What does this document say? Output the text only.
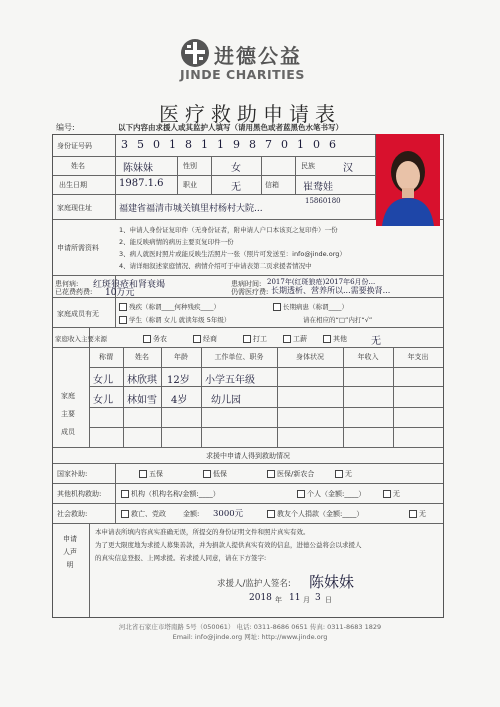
进德公益
JINDE CHARITIES
医疗救助申请表
编号:	以下内容由求援人或其监护人填写（请用黑色或者蓝黑色水笔书写）
身份证号码	3 5 0 1 8 1 1 9 8 7 0 1 0 6
姓名	陈妹妹	性别	女	民族	汉
出生日期	1987.1.6	职业	无	信箱 崔鸯娃
家庭现住址	福建省福清市城关镇里村杨村大院...
15860180
申请所需资料
1、申请人身份证复印件（无身份证者，附申请人户口本该页之复印件）一份
2、能反映病情的病历主要页复印件一份
3、病人就医时照片或能反映生活照片一张（照片可发送至：info@jinde.org）
4、请详细叙述家庭情况、病情介绍可于申请表第二页求援者情况中
患何病: 红斑狼疮和肾衰竭	患病时间: 2017年(红斑狼疮)2017年6月份...
已花费药费: 10万元	仍需医疗费: 长期透析、营养所以...需要换肾...
家庭成员有无
残疾（称谓____何种残疾____）	长期病患（称谓____）
学生（称谓 女儿 就读年级 5年级）	请在相应的“□”内打“√”
家庭收入主要来源	务农	经商	打工	工薪	其他 无
家庭主要成员
称谓	姓名	年龄	工作单位、职务	身体状况	年收入	年支出
女儿 林欣琪 12岁 小学五年级
女儿 林如雪 4岁 幼儿园
求援中申请人得到救助情况
国家补助:	五保	低保	医保/新农合	无
其他机构救助:	机构（机构名称/金额:____）	个人（金额:____）	无
社会救助:	救亡、党政 金额: 3000元	教友个人捐款（金额:____）	无
申请人声明
本申请表所填内容真实准确无误，所提交的身份证明文件和照片真实有效。
为了更大限度地为求援人募集善款，并为捐款人提供真实有效的信息，进德公益将会以求援人
的真实信息登报、上网求援。若求援人同意，请在下方签字:
求援人/监护人签名: 陈妹妹
2018 年 11 月 3 日
河北省石家庄市塔南路 5号（050061） 电话: 0311-8686 0651 传真: 0311-8683 1829
Email: info@jinde.org 网址: http://www.jinde.org
